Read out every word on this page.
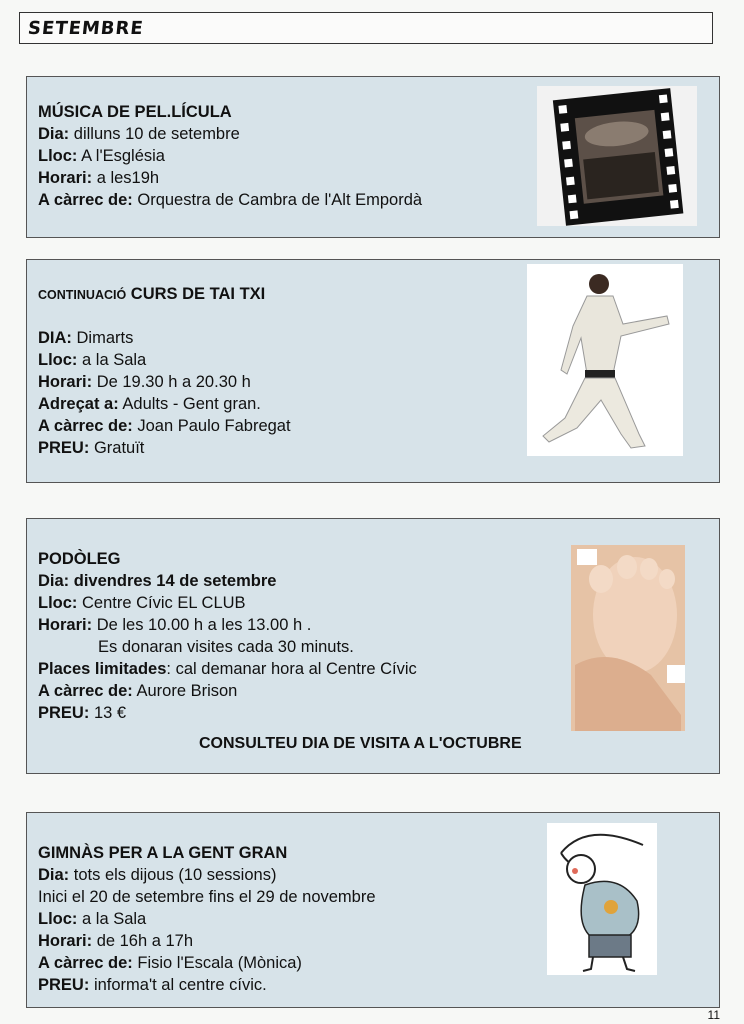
SETEMBRE
MÚSICA DE PEL.LÍCULA
Dia: dilluns 10 de setembre
Lloc: A l'Església
Horari: a les19h
A càrrec de: Orquestra de Cambra de l'Alt Empordà
CONTINUACIÓ CURS DE TAI TXI
DIA: Dimarts
Lloc: a la Sala
Horari: De 19.30 h a 20.30 h
Adreçat a: Adults - Gent gran.
A càrrec de: Joan Paulo Fabregat
PREU: Gratuït
PODÒLEG
Dia: divendres 14 de setembre
Lloc: Centre Cívic EL CLUB
Horari: De les 10.00 h a les 13.00 h .
Es donaran visites cada 30 minuts.
Places limitades: cal demanar hora al Centre Cívic
A càrrec de: Aurore Brison
PREU: 13 €
CONSULTEU DIA DE VISITA A L'OCTUBRE
GIMNÀS PER A LA GENT GRAN
Dia: tots els dijous (10 sessions)
Inici el 20 de setembre fins el 29 de novembre
Lloc: a la Sala
Horari: de 16h a 17h
A càrrec de: Fisio l'Escala (Mònica)
PREU: informa't al centre cívic.
11
